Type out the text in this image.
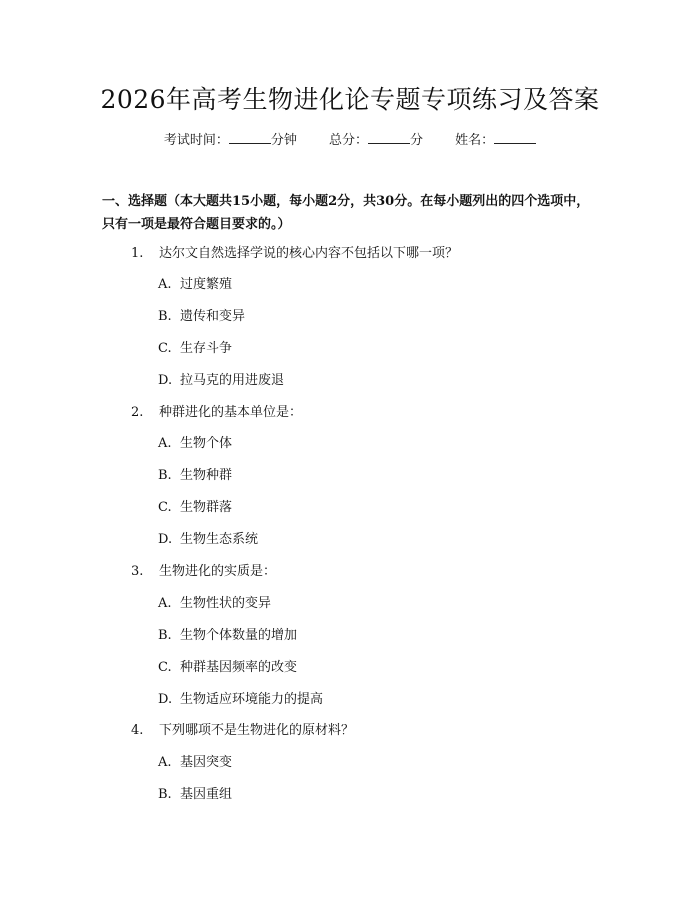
2026年高考生物进化论专题专项练习及答案
考试时间：	分钟 总分：	分 姓名：
一、选择题（本大题共15小题，每小题2分，共30分。在每小题列出的四个选项中，只有一项是最符合题目要求的。）
1. 达尔文自然选择学说的核心内容不包括以下哪一项？
A. 过度繁殖
B. 遗传和变异
C. 生存斗争
D. 拉马克的用进废退
2. 种群进化的基本单位是：
A. 生物个体
B. 生物种群
C. 生物群落
D. 生物生态系统
3. 生物进化的实质是：
A. 生物性状的变异
B. 生物个体数量的增加
C. 种群基因频率的改变
D. 生物适应环境能力的提高
4. 下列哪项不是生物进化的原材料？
A. 基因突变
B. 基因重组
